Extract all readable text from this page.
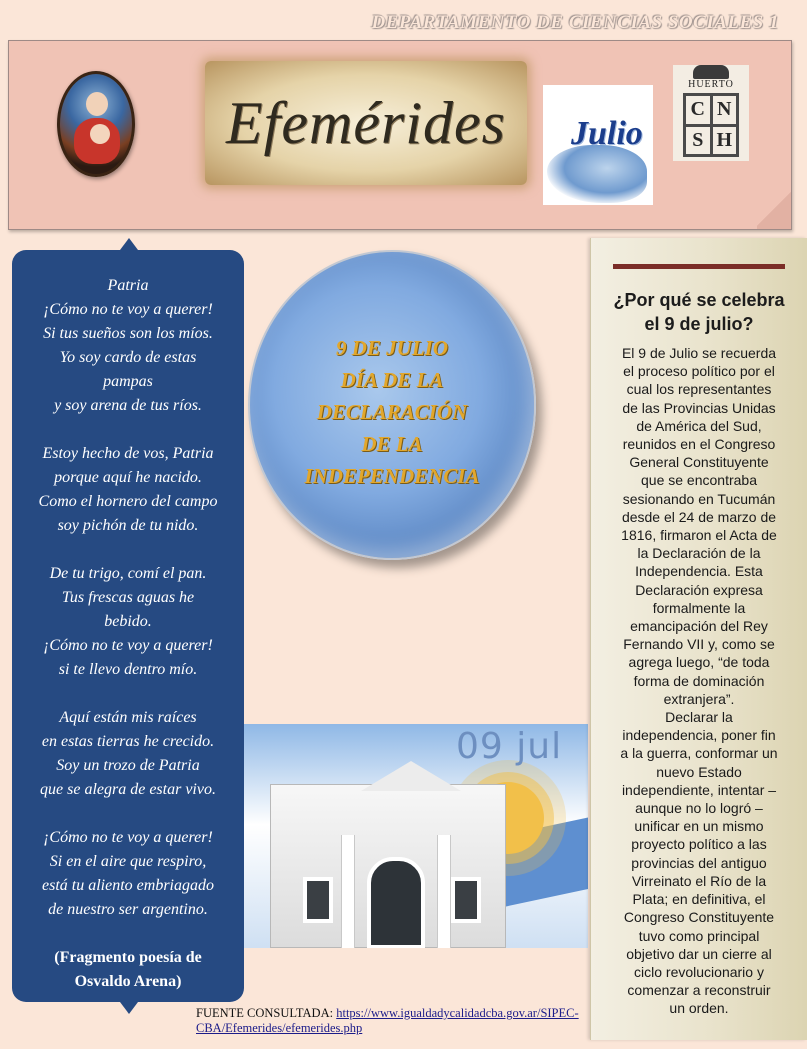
DEPARTAMENTO DE CIENCIAS SOCIALES 1
Efemérides Julio
HUERTO
C N
S H
Patria
¡Cómo no te voy a querer!
Si tus sueños son los míos.
Yo soy cardo de estas
pampas
y soy arena de tus ríos.
Estoy hecho de vos, Patria
porque aquí he nacido.
Como el hornero del campo
soy pichón de tu nido.
De tu trigo, comí el pan.
Tus frescas aguas he
bebido.
¡Cómo no te voy a querer!
si te llevo dentro mío.
Aquí están mis raíces
en estas tierras he crecido.
Soy un trozo de Patria
que se alegra de estar vivo.
¡Cómo no te voy a querer!
Si en el aire que respiro,
está tu aliento embriagado
de nuestro ser argentino.
(Fragmento poesía de
Osvaldo Arena)
9 DE JULIO
DÍA DE LA
DECLARACIÓN
DE LA
INDEPENDENCIA
09 jul
¿Por qué se celebra
el 9 de julio?
El 9 de Julio se recuerda
el proceso político por el
cual los representantes
de las Provincias Unidas
de América del Sud,
reunidos en el Congreso
General Constituyente
que se encontraba
sesionando en Tucumán
desde el 24 de marzo de
1816, firmaron el Acta de
la Declaración de la
Independencia. Esta
Declaración expresa
formalmente la
emancipación del Rey
Fernando VII y, como se
agrega luego, “de toda
forma de dominación
extranjera”.
Declarar la
independencia, poner fin
a la guerra, conformar un
nuevo Estado
independiente, intentar –
aunque no lo logró –
unificar en un mismo
proyecto político a las
provincias del antiguo
Virreinato el Río de la
Plata; en definitiva, el
Congreso Constituyente
tuvo como principal
objetivo dar un cierre al
ciclo revolucionario y
comenzar a reconstruir
un orden.
FUENTE CONSULTADA: https://www.igualdadycalidadcba.gov.ar/SIPEC-
CBA/Efemerides/efemerides.php
